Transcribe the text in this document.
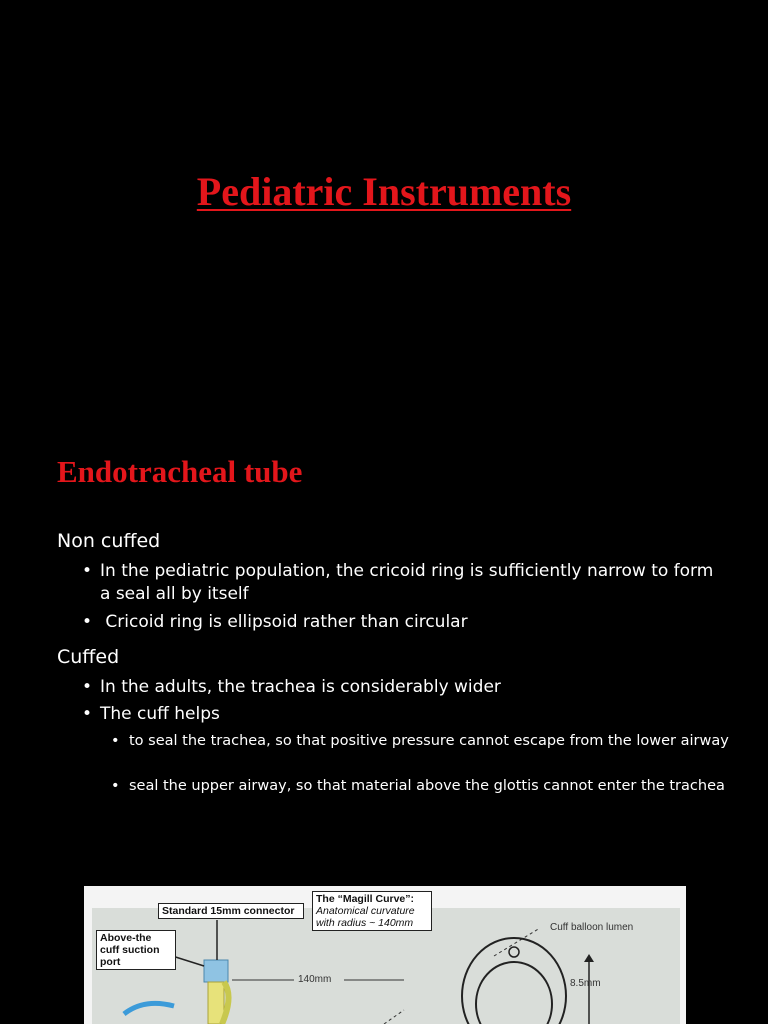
Pediatric Instruments
Endotracheal tube
Non cuffed
• In the pediatric population, the cricoid ring is sufficiently narrow to form a seal all by itself
• Cricoid ring is ellipsoid rather than circular
Cuffed
• In the adults, the trachea is considerably wider
• The cuff helps
• to seal the trachea, so that positive pressure cannot escape from the lower airway
• seal the upper airway, so that material above the glottis cannot enter the trachea
Standard 15mm connector
The “Magill Curve”:
Anatomical curvature with radius ~ 140mm
Above-the cuff suction port
Cuff balloon lumen
140mm	8.5mm
